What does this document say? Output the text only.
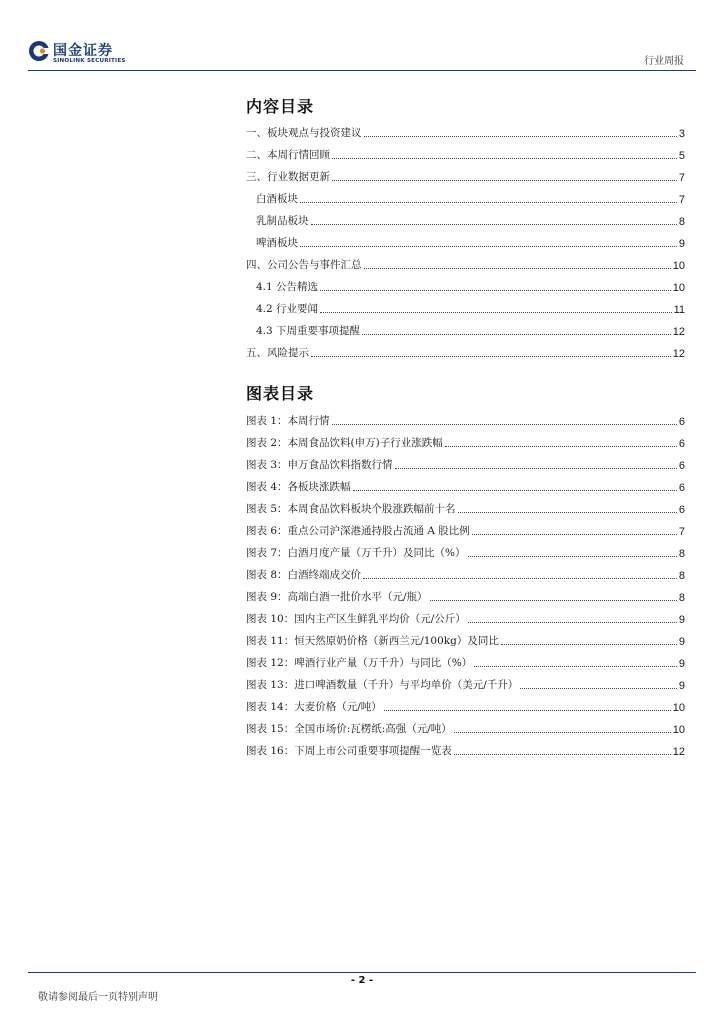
国金证券
SINOLINK SECURITIES	行业周报
内容目录
一、板块观点与投资建议	3
二、本周行情回顾	5
三、行业数据更新	7
白酒板块	7
乳制品板块	8
啤酒板块	9
四、公司公告与事件汇总	10
4.1 公告精选	10
4.2 行业要闻	11
4.3 下周重要事项提醒	12
五、风险提示	12
图表目录
图表 1：本周行情	6
图表 2：本周食品饮料(申万)子行业涨跌幅	6
图表 3：申万食品饮料指数行情	6
图表 4：各板块涨跌幅	6
图表 5：本周食品饮料板块个股涨跌幅前十名	6
图表 6：重点公司沪深港通持股占流通 A 股比例	7
图表 7：白酒月度产量（万千升）及同比（%）	8
图表 8：白酒终端成交价	8
图表 9：高端白酒一批价水平（元/瓶）	8
图表 10：国内主产区生鲜乳平均价（元/公斤）	9
图表 11：恒天然原奶价格（新西兰元/100kg）及同比	9
图表 12：啤酒行业产量（万千升）与同比（%）	9
图表 13：进口啤酒数量（千升）与平均单价（美元/千升）	9
图表 14：大麦价格（元/吨）	10
图表 15：全国市场价:瓦楞纸:高强（元/吨）	10
图表 16：下周上市公司重要事项提醒一览表	12
- 2 -
敬请参阅最后一页特别声明
